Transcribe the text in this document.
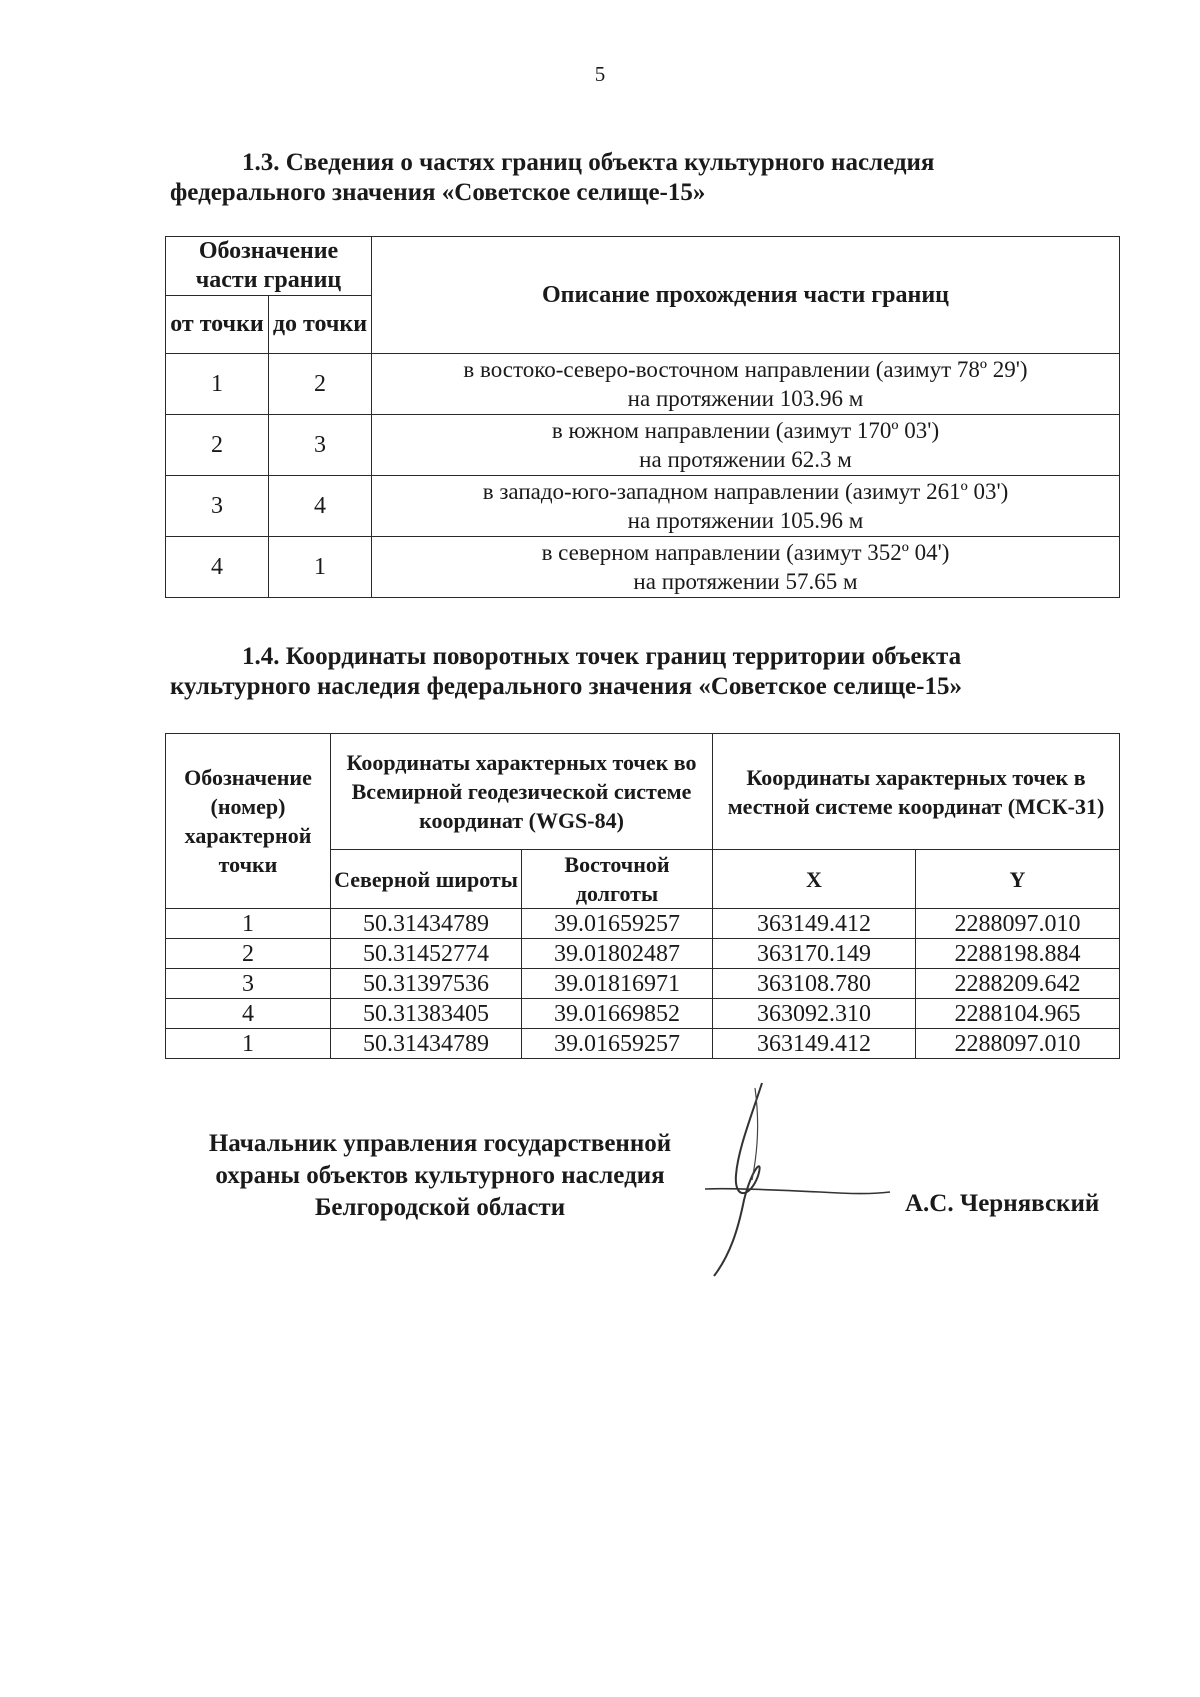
5
1.3. Сведения о частях границ объекта культурного наследия
федерального значения «Советское селище-15»
Обозначение части границ		Описание прохождения части границ
от точки	до точки	
1	2	в востоко-северо-восточном направлении (азимут 78º 29')
на протяжении 103.96 м
2	3	в южном направлении (азимут 170º 03')
на протяжении 62.3 м
3	4	в западо-юго-западном направлении (азимут 261º 03')
на протяжении 105.96 м
4	1	в северном направлении (азимут 352º 04')
на протяжении 57.65 м
1.4. Координаты поворотных точек границ территории объекта
культурного наследия федерального значения «Советское селище-15»
Обозначение (номер) характерной точки	Координаты характерных точек во Всемирной геодезической системе координат (WGS-84)		Координаты характерных точек в местной системе координат (МСК-31)	
	Северной широты	Восточной долготы	X	Y
1	50.31434789	39.01659257	363149.412	2288097.010
2	50.31452774	39.01802487	363170.149	2288198.884
3	50.31397536	39.01816971	363108.780	2288209.642
4	50.31383405	39.01669852	363092.310	2288104.965
1	50.31434789	39.01659257	363149.412	2288097.010
Начальник управления государственной
охраны объектов культурного наследия
Белгородской области	А.С. Чернявский
